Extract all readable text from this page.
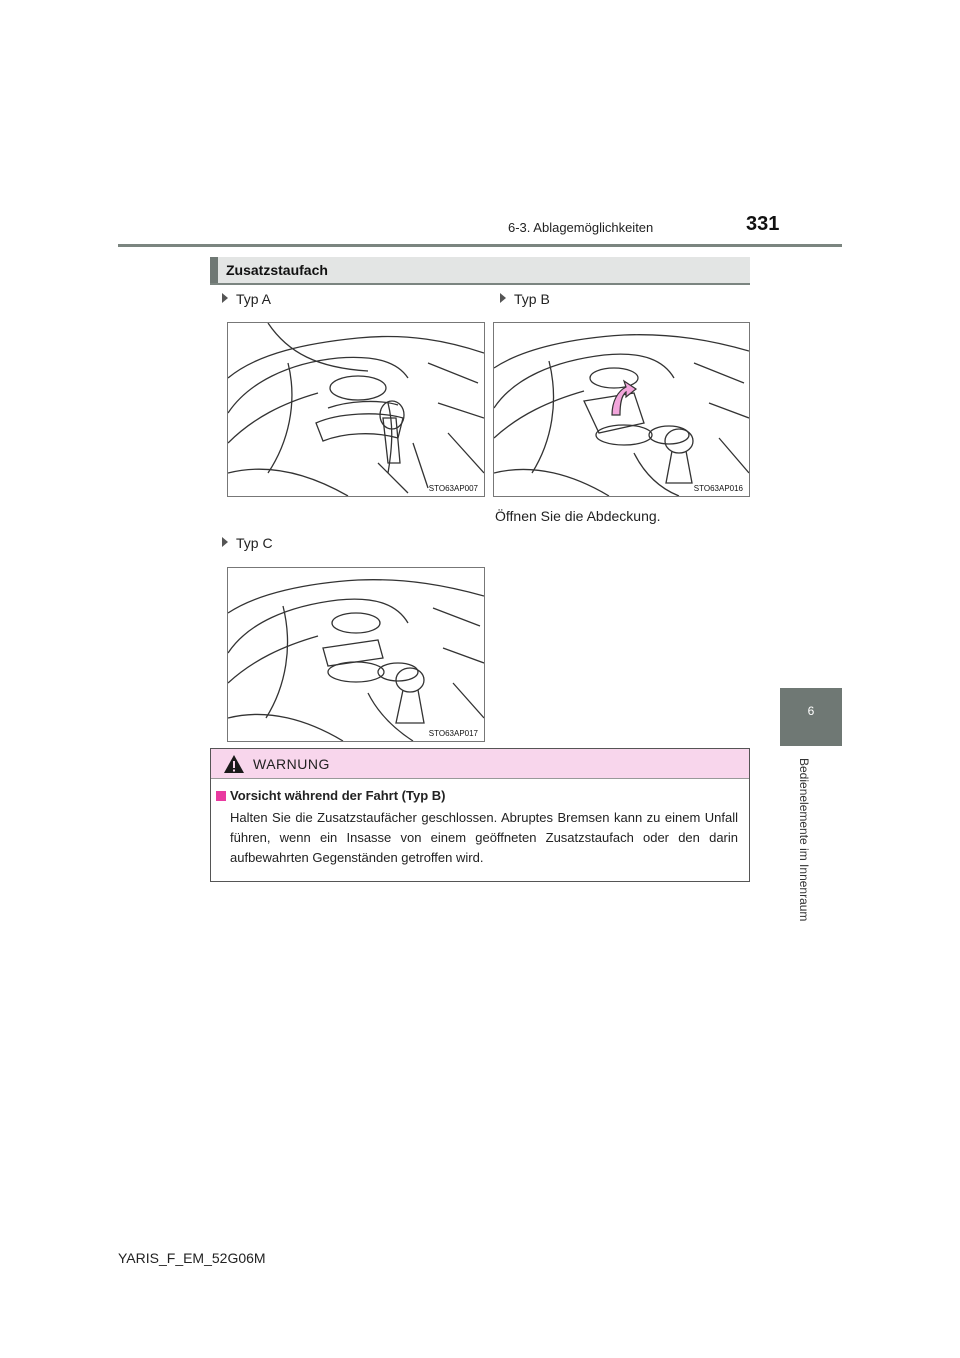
6-3. Ablagemöglichkeiten	331
6
Bedienelemente im Innenraum
Zusatzstaufach
Typ A	Typ B
STO63AP007	STO63AP016
Öffnen Sie die Abdeckung.
Typ C
STO63AP017
WARNUNG
Vorsicht während der Fahrt (Typ B)
Halten Sie die Zusatzstaufächer geschlossen. Abruptes Bremsen kann zu einem Unfall führen, wenn ein Insasse von einem geöffneten Zusatzstaufach oder den darin aufbewahrten Gegenständen getroffen wird.
YARIS_F_EM_52G06M
